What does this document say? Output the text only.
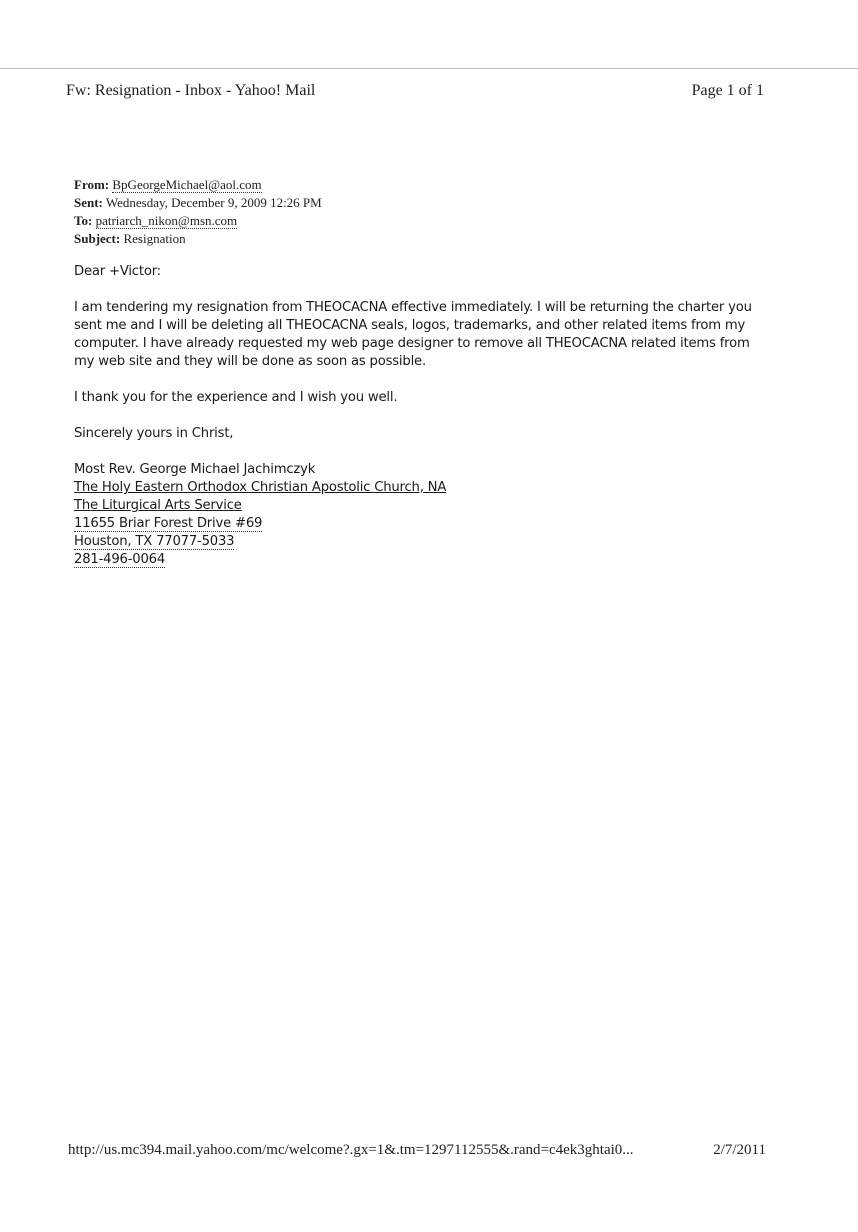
Fw: Resignation - Inbox - Yahoo! Mail	Page 1 of 1
From: BpGeorgeMichael@aol.com
Sent: Wednesday, December 9, 2009 12:26 PM
To: patriarch_nikon@msn.com
Subject: Resignation

Dear +Victor:

I am tendering my resignation from THEOCACNA effective immediately. I will be returning the charter you sent me and I will be deleting all THEOCACNA seals, logos, trademarks, and other related items from my computer. I have already requested my web page designer to remove all THEOCACNA related items from my web site and they will be done as soon as possible.

I thank you for the experience and I wish you well.

Sincerely yours in Christ,

Most Rev. George Michael Jachimczyk
The Holy Eastern Orthodox Christian Apostolic Church, NA
The Liturgical Arts Service
11655 Briar Forest Drive #69
Houston, TX 77077-5033
281-496-0064
http://us.mc394.mail.yahoo.com/mc/welcome?.gx=1&.tm=1297112555&.rand=c4ek3ghtai0...	2/7/2011
